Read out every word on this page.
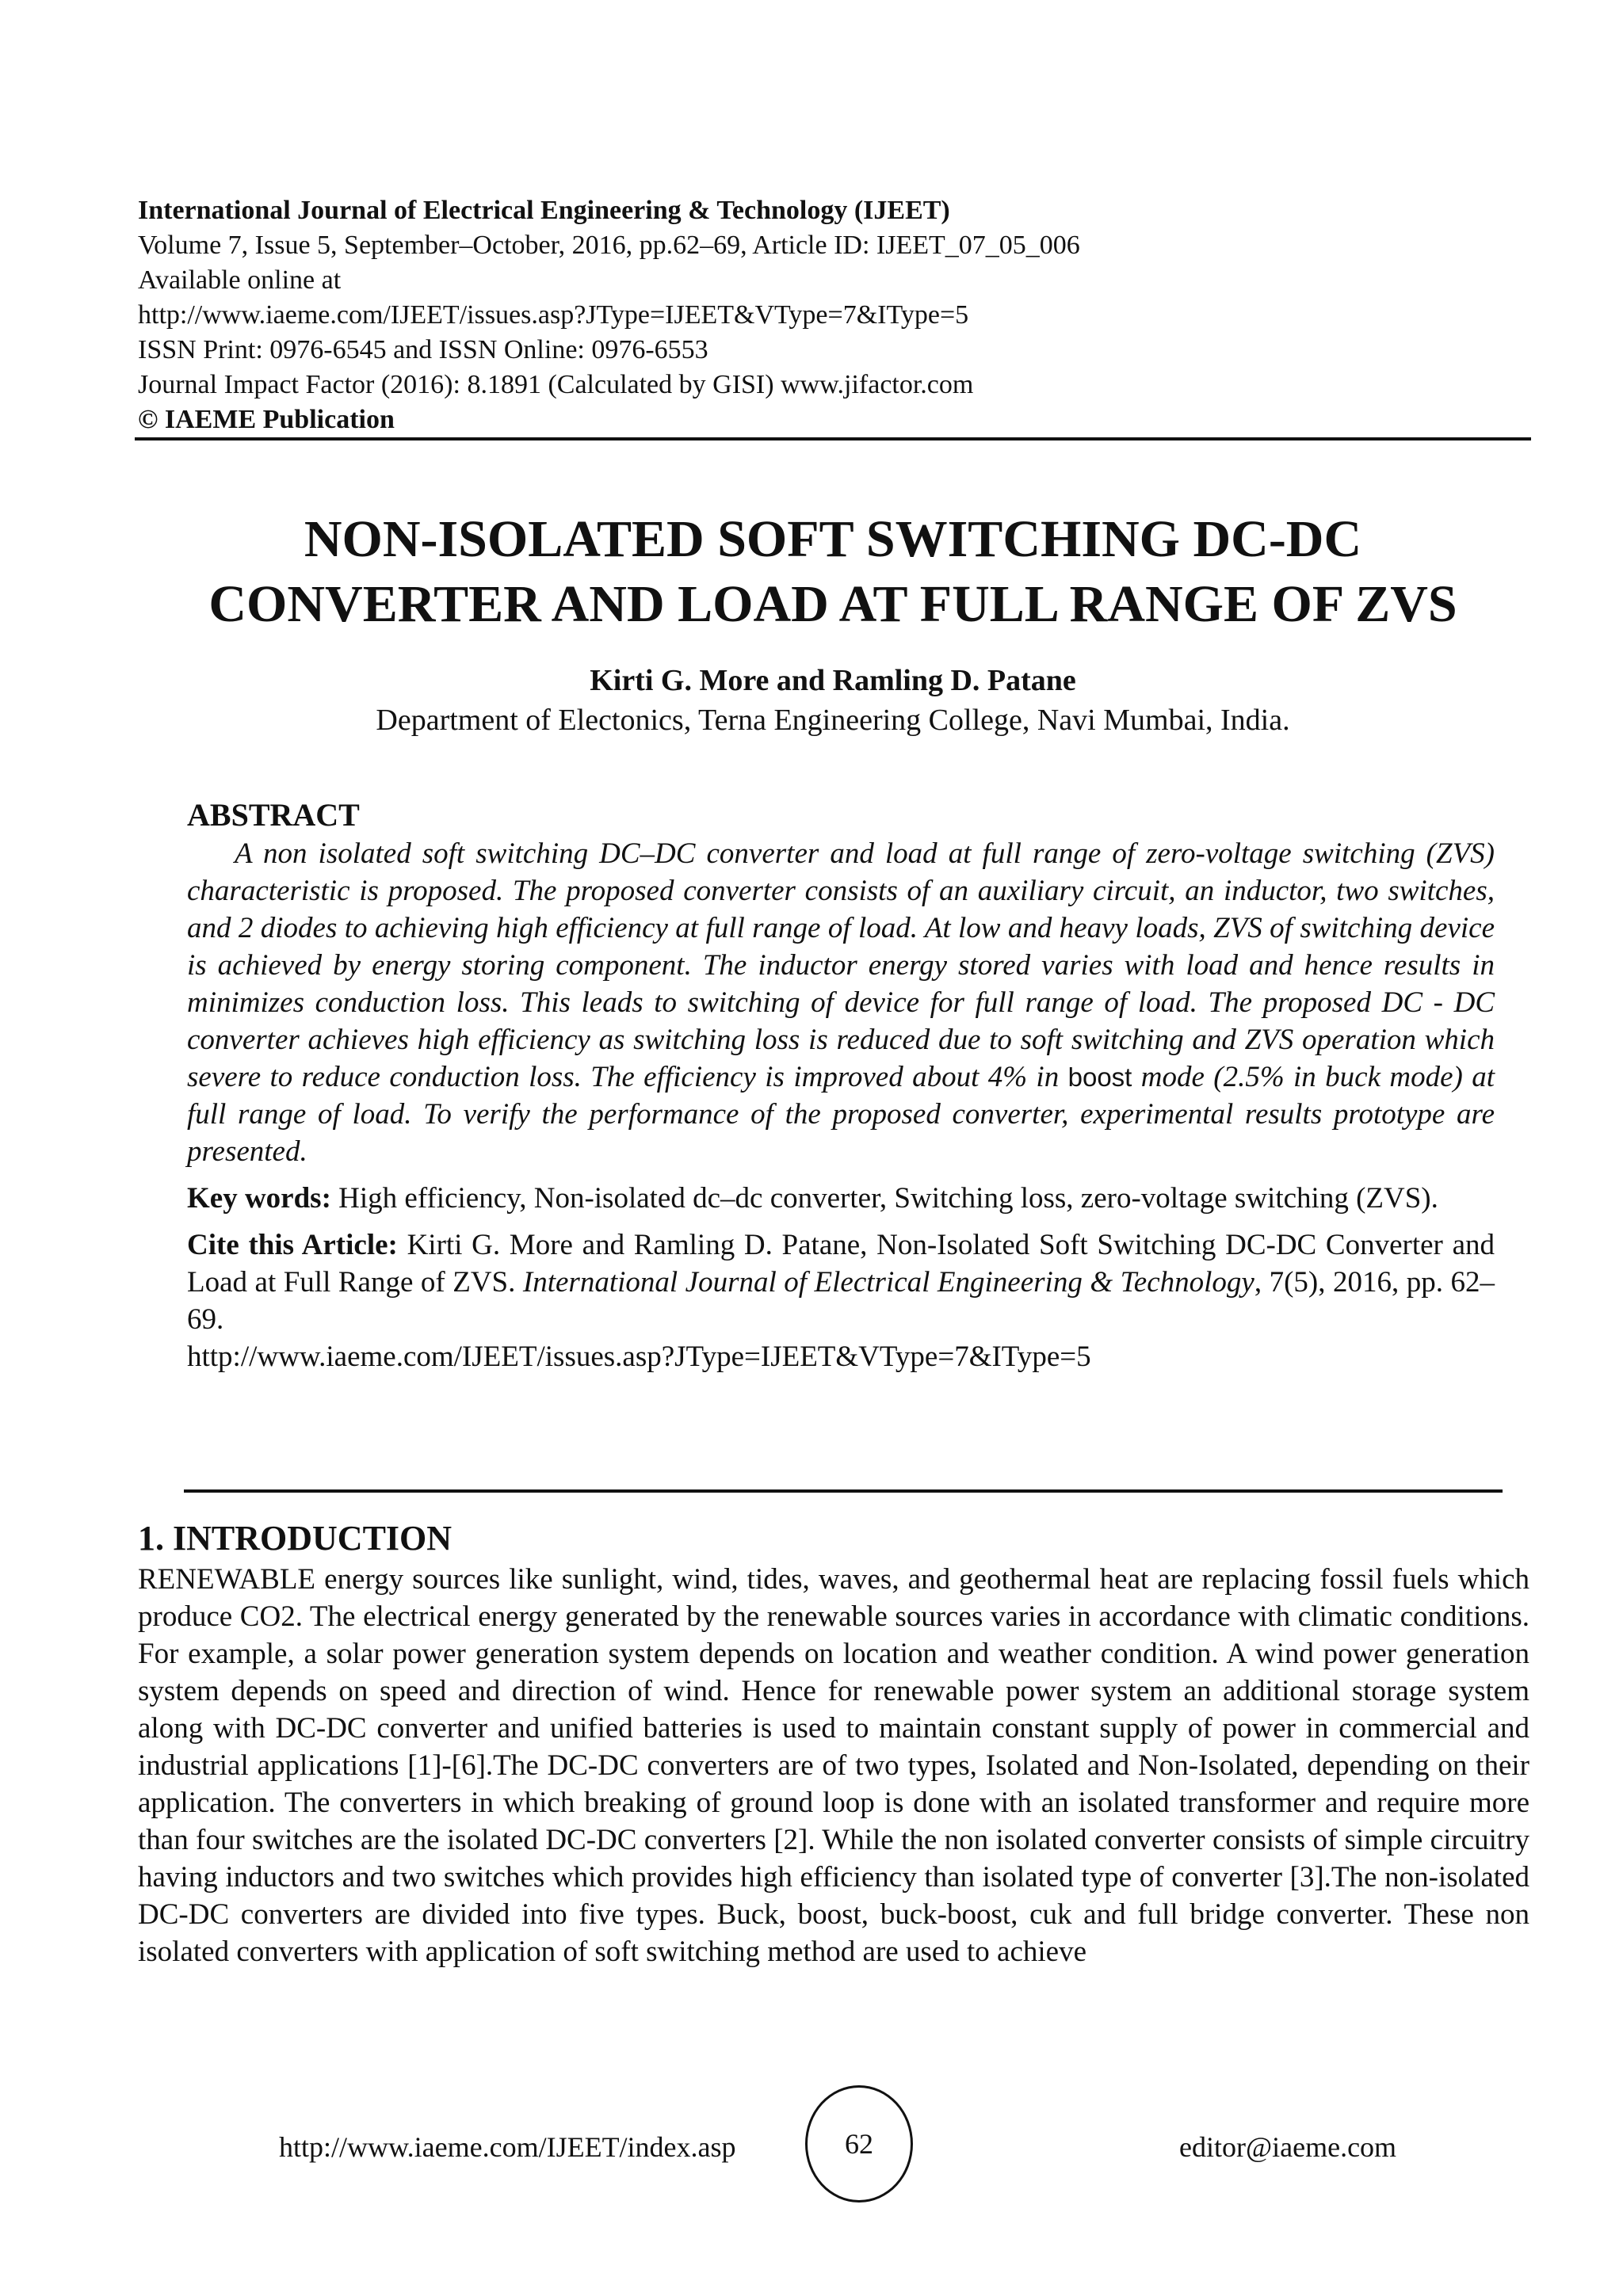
International Journal of Electrical Engineering & Technology (IJEET)
Volume 7, Issue 5, September–October, 2016, pp.62–69, Article ID: IJEET_07_05_006
Available online at
http://www.iaeme.com/IJEET/issues.asp?JType=IJEET&VType=7&IType=5
ISSN Print: 0976-6545 and ISSN Online: 0976-6553
Journal Impact Factor (2016): 8.1891 (Calculated by GISI) www.jifactor.com
© IAEME Publication
NON-ISOLATED SOFT SWITCHING DC-DC
CONVERTER AND LOAD AT FULL RANGE OF ZVS
Kirti G. More and Ramling D. Patane
Department of Electonics, Terna Engineering College, Navi Mumbai, India.
ABSTRACT

A non isolated soft switching DC–DC converter and load at full range of zero-voltage switching (ZVS) characteristic is proposed. The proposed converter consists of an auxiliary circuit, an inductor, two switches, and 2 diodes to achieving high efficiency at full range of load. At low and heavy loads, ZVS of switching device is achieved by energy storing component. The inductor energy stored varies with load and hence results in minimizes conduction loss. This leads to switching of device for full range of load. The proposed DC - DC converter achieves high efficiency as switching loss is reduced due to soft switching and ZVS operation which severe to reduce conduction loss. The efficiency is improved about 4% in boost mode (2.5% in buck mode) at full range of load. To verify the performance of the proposed converter, experimental results prototype are presented.

Key words: High efficiency, Non-isolated dc–dc converter, Switching loss, zero-voltage switching (ZVS).

Cite this Article: Kirti G. More and Ramling D. Patane, Non-Isolated Soft Switching DC-DC Converter and Load at Full Range of ZVS. International Journal of Electrical Engineering & Technology, 7(5), 2016, pp. 62–69.
http://www.iaeme.com/IJEET/issues.asp?JType=IJEET&VType=7&IType=5

1. INTRODUCTION

RENEWABLE energy sources like sunlight, wind, tides, waves, and geothermal heat are replacing fossil fuels which produce CO2. The electrical energy generated by the renewable sources varies in accordance with climatic conditions. For example, a solar power generation system depends on location and weather condition. A wind power generation system depends on speed and direction of wind. Hence for renewable power system an additional storage system along with DC-DC converter and unified batteries is used to maintain constant supply of power in commercial and industrial applications [1]-[6].The DC-DC converters are of two types, Isolated and Non-Isolated, depending on their application. The converters in which breaking of ground loop is done with an isolated transformer and require more than four switches are the isolated DC-DC converters [2]. While the non isolated converter consists of simple circuitry having inductors and two switches which provides high efficiency than isolated type of converter [3].The non-isolated DC-DC converters are divided into five types. Buck, boost, buck-boost, cuk and full bridge converter. These non isolated converters with application of soft switching method are used to achieve

http://www.iaeme.com/IJEET/index.asp	62	editor@iaeme.com
